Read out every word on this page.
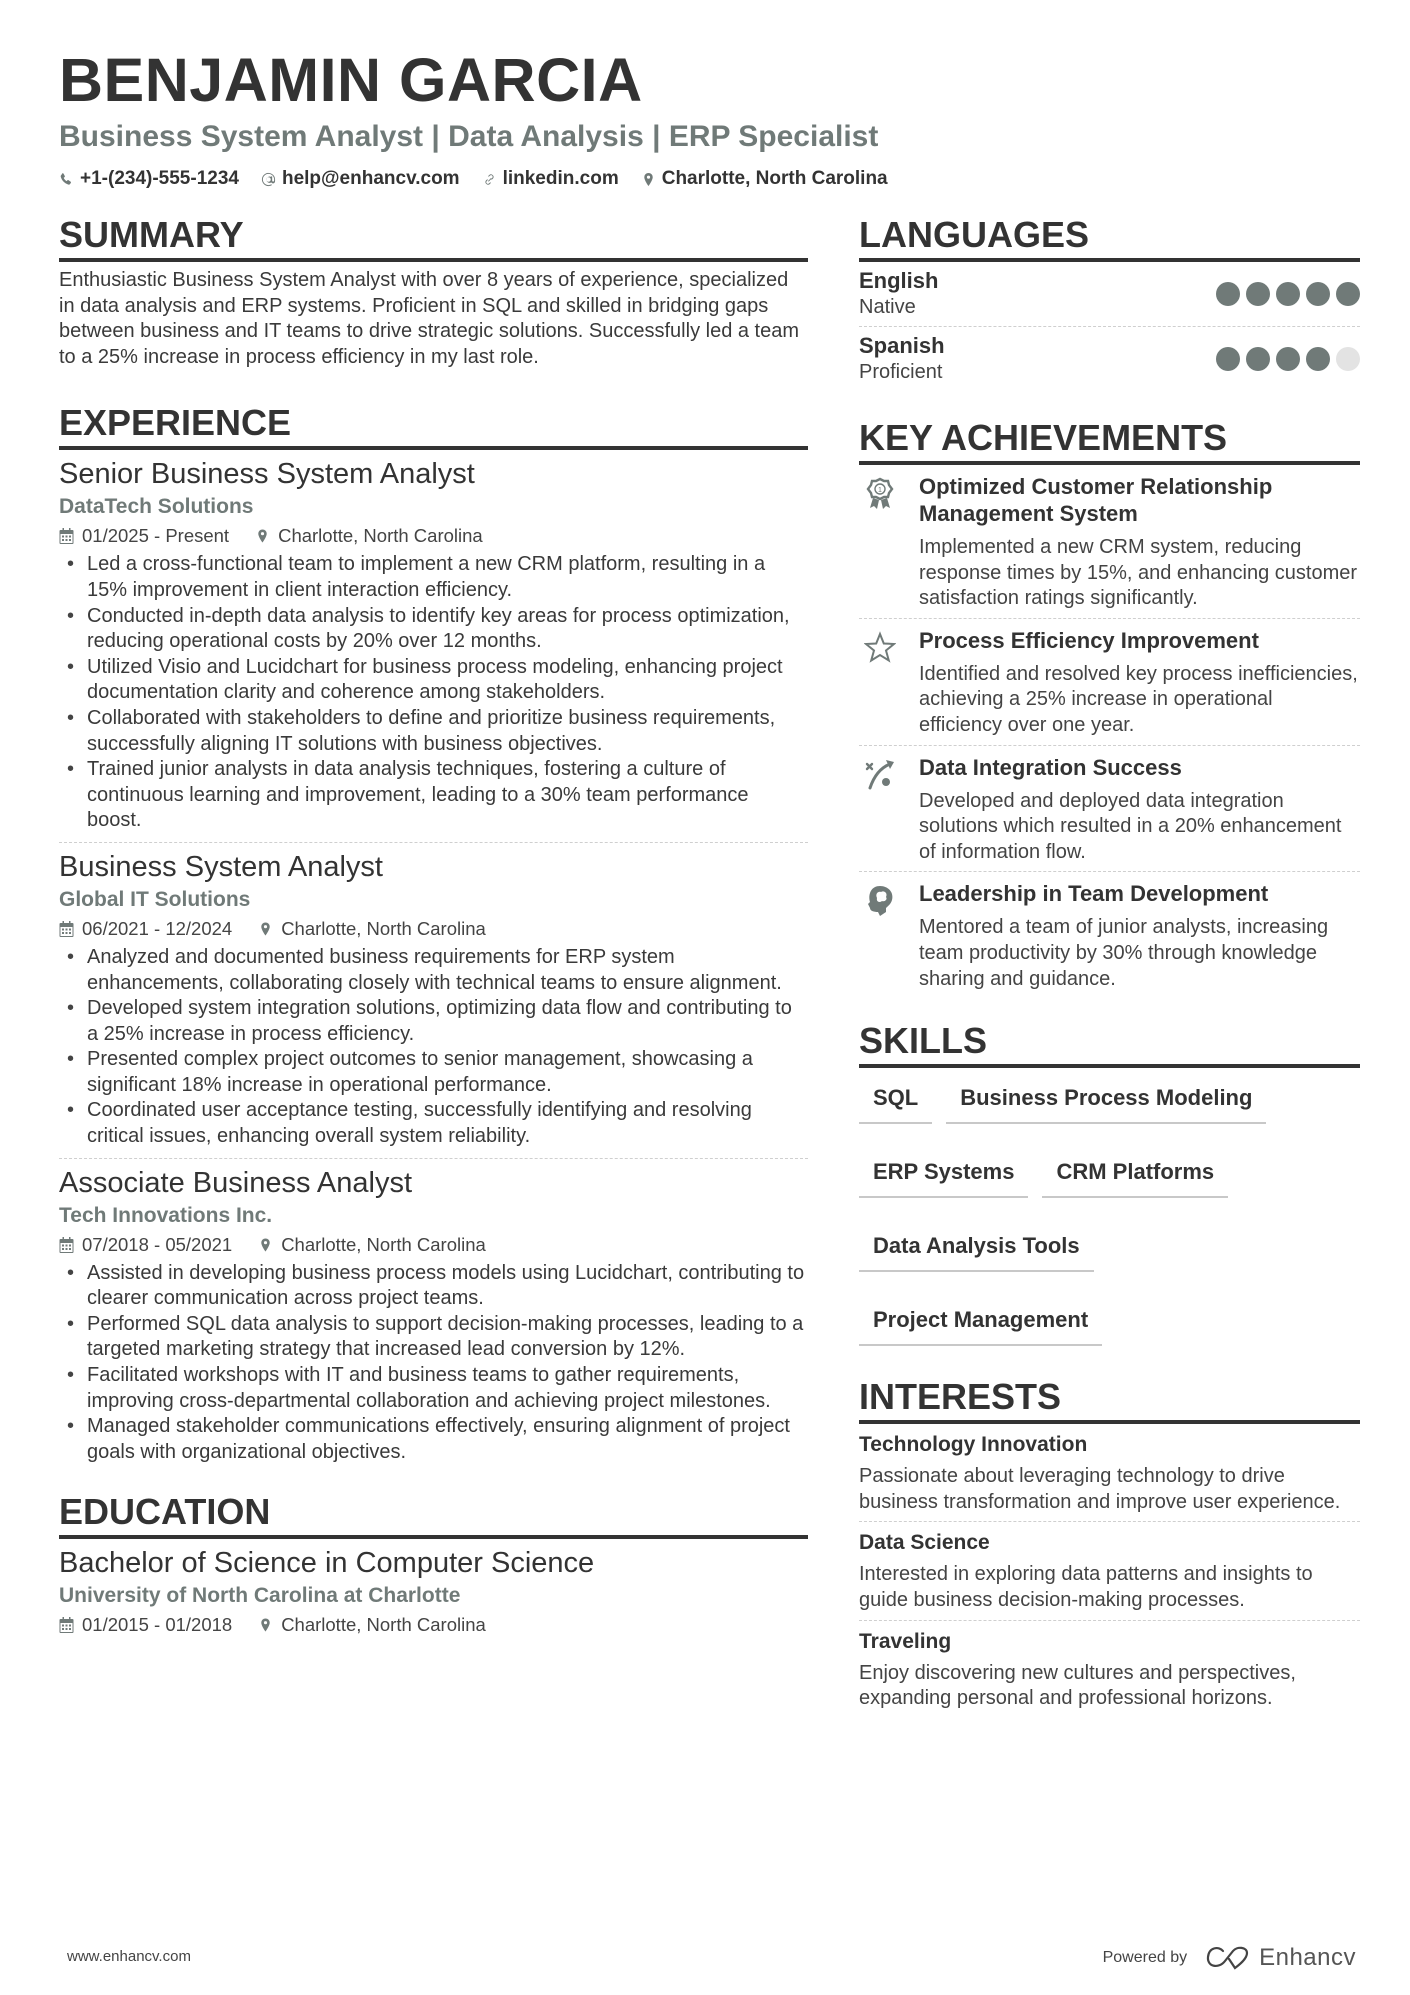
BENJAMIN GARCIA
Business System Analyst | Data Analysis | ERP Specialist
+1-(234)-555-1234 help@enhancv.com linkedin.com Charlotte, North Carolina
SUMMARY

Enthusiastic Business System Analyst with over 8 years of experience, specialized in data analysis and ERP systems. Proficient in SQL and skilled in bridging gaps between business and IT teams to drive strategic solutions. Successfully led a team to a 25% increase in process efficiency in my last role.

EXPERIENCE
Senior Business System Analyst
DataTech Solutions
01/2025 - Present	Charlotte, North Carolina
• Led a cross-functional team to implement a new CRM platform, resulting in a 15% improvement in client interaction efficiency.
• Conducted in-depth data analysis to identify key areas for process optimization, reducing operational costs by 20% over 12 months.
• Utilized Visio and Lucidchart for business process modeling, enhancing project documentation clarity and coherence among stakeholders.
• Collaborated with stakeholders to define and prioritize business requirements, successfully aligning IT solutions with business objectives.
• Trained junior analysts in data analysis techniques, fostering a culture of continuous learning and improvement, leading to a 30% team performance boost.
Business System Analyst
Global IT Solutions
06/2021 - 12/2024	Charlotte, North Carolina
• Analyzed and documented business requirements for ERP system enhancements, collaborating closely with technical teams to ensure alignment.
• Developed system integration solutions, optimizing data flow and contributing to a 25% increase in process efficiency.
• Presented complex project outcomes to senior management, showcasing a significant 18% increase in operational performance.
• Coordinated user acceptance testing, successfully identifying and resolving critical issues, enhancing overall system reliability.
Associate Business Analyst
Tech Innovations Inc.
07/2018 - 05/2021	Charlotte, North Carolina
• Assisted in developing business process models using Lucidchart, contributing to clearer communication across project teams.
• Performed SQL data analysis to support decision-making processes, leading to a targeted marketing strategy that increased lead conversion by 12%.
• Facilitated workshops with IT and business teams to gather requirements, improving cross-departmental collaboration and achieving project milestones.
• Managed stakeholder communications effectively, ensuring alignment of project goals with organizational objectives.
EDUCATION
Bachelor of Science in Computer Science
University of North Carolina at Charlotte
01/2015 - 01/2018	Charlotte, North Carolina
LANGUAGES
English
Native
Spanish
Proficient
KEY ACHIEVEMENTS
1 Optimized Customer Relationship Management System
Implemented a new CRM system, reducing response times by 15%, and enhancing customer satisfaction ratings significantly.
Process Efficiency Improvement
Identified and resolved key process inefficiencies, achieving a 25% increase in operational efficiency over one year.
Data Integration Success
Developed and deployed data integration solutions which resulted in a 20% enhancement of information flow.
Leadership in Team Development
Mentored a team of junior analysts, increasing team productivity by 30% through knowledge sharing and guidance.
SKILLS
SQL	Business Process Modeling
ERP Systems	CRM Platforms
Data Analysis Tools
Project Management
INTERESTS
Technology Innovation
Passionate about leveraging technology to drive business transformation and improve user experience.
Data Science
Interested in exploring data patterns and insights to guide business decision-making processes.
Traveling
Enjoy discovering new cultures and perspectives, expanding personal and professional horizons.
www.enhancv.com	Powered by	Enhancv
